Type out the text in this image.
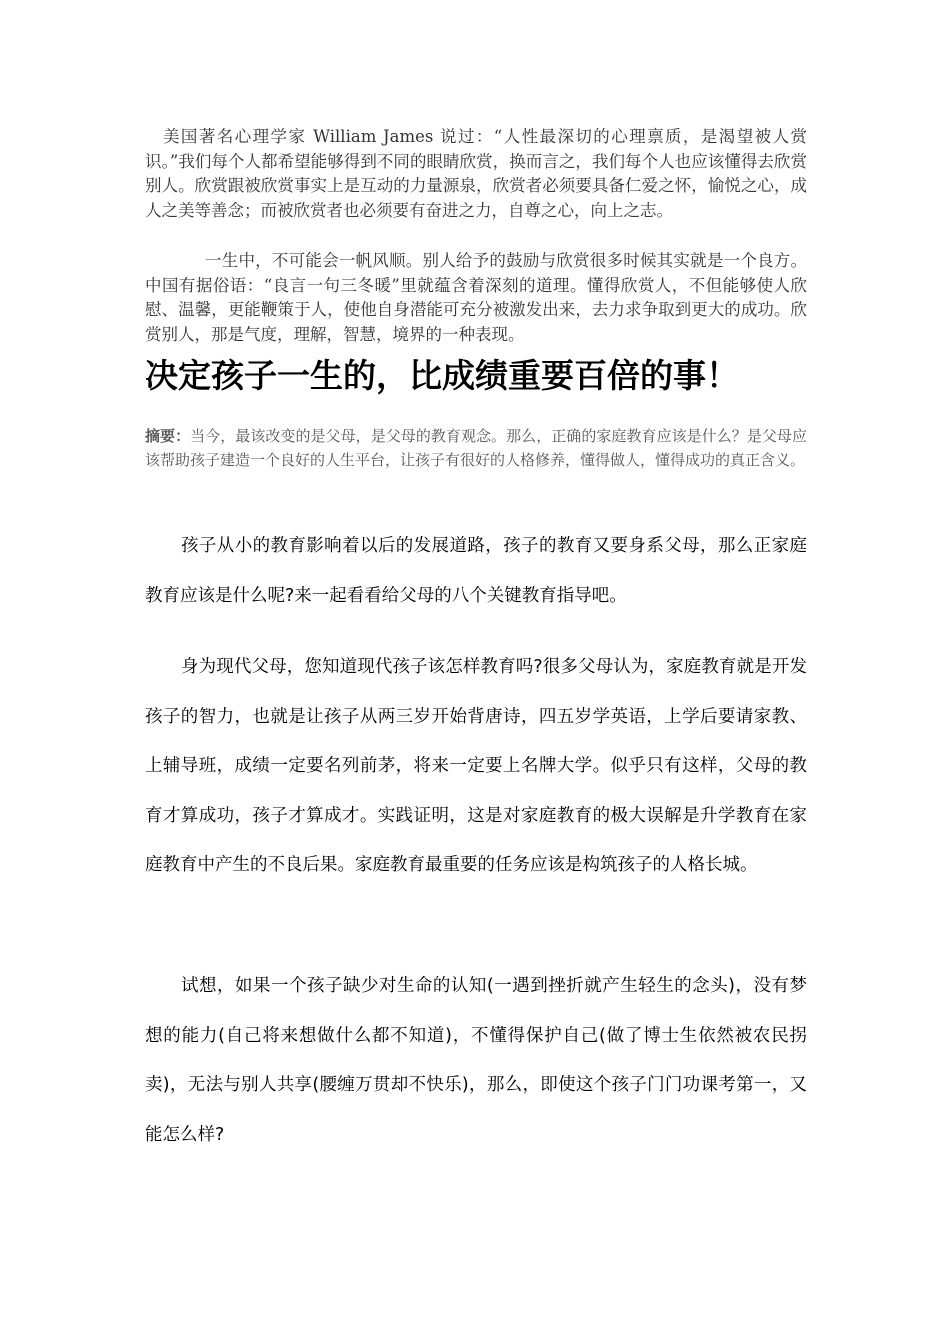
美国著名心理学家 William James 说过：“人性最深切的心理禀质，是渴望被人赏识。”我们每个人都希望能够得到不同的眼睛欣赏，换而言之，我们每个人也应该懂得去欣赏别人。欣赏跟被欣赏事实上是互动的力量源泉，欣赏者必须要具备仁爱之怀，愉悦之心，成人之美等善念；而被欣赏者也必须要有奋进之力，自尊之心，向上之志。

一生中，不可能会一帆风顺。别人给予的鼓励与欣赏很多时候其实就是一个良方。中国有据俗语：“良言一句三冬暖”里就蕴含着深刻的道理。懂得欣赏人，不但能够使人欣慰、温馨，更能鞭策于人，使他自身潜能可充分被激发出来，去力求争取到更大的成功。欣赏别人，那是气度，理解，智慧，境界的一种表现。

决定孩子一生的，比成绩重要百倍的事！

摘要：当今，最该改变的是父母，是父母的教育观念。那么，正确的家庭教育应该是什么？是父母应该帮助孩子建造一个良好的人生平台，让孩子有很好的人格修养，懂得做人，懂得成功的真正含义。

孩子从小的教育影响着以后的发展道路，孩子的教育又要身系父母，那么正家庭教育应该是什么呢?来一起看看给父母的八个关键教育指导吧。

身为现代父母，您知道现代孩子该怎样教育吗?很多父母认为，家庭教育就是开发孩子的智力，也就是让孩子从两三岁开始背唐诗，四五岁学英语，上学后要请家教、上辅导班，成绩一定要名列前茅，将来一定要上名牌大学。似乎只有这样，父母的教育才算成功，孩子才算成才。实践证明，这是对家庭教育的极大误解是升学教育在家庭教育中产生的不良后果。家庭教育最重要的任务应该是构筑孩子的人格长城。

试想，如果一个孩子缺少对生命的认知(一遇到挫折就产生轻生的念头)，没有梦想的能力(自己将来想做什么都不知道)，不懂得保护自己(做了博士生依然被农民拐卖)，无法与别人共享(腰缠万贯却不快乐)，那么，即使这个孩子门门功课考第一，又能怎么样?
